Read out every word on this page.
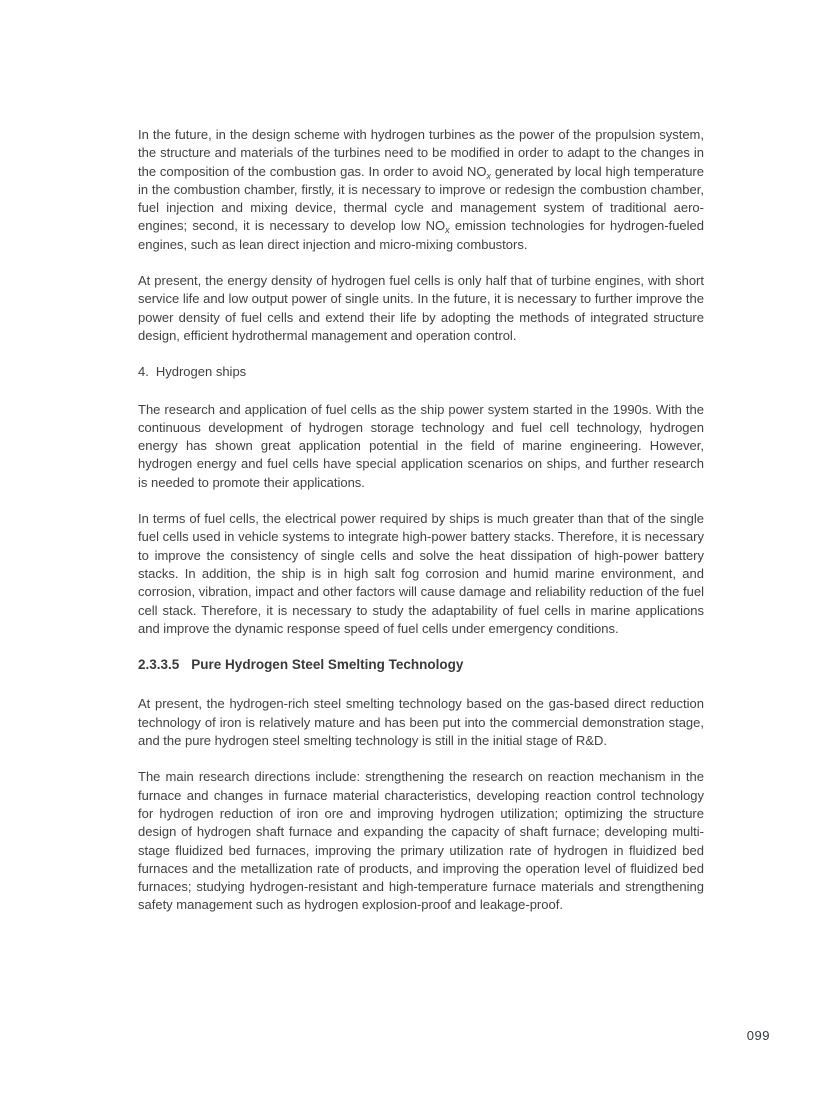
In the future, in the design scheme with hydrogen turbines as the power of the propulsion system, the structure and materials of the turbines need to be modified in order to adapt to the changes in the composition of the combustion gas. In order to avoid $NO_x$ generated by local high temperature in the combustion chamber, firstly, it is necessary to improve or redesign the combustion chamber, fuel injection and mixing device, thermal cycle and management system of traditional aero-engines; second, it is necessary to develop low $NO_x$ emission technologies for hydrogen-fueled engines, such as lean direct injection and micro-mixing combustors.

At present, the energy density of hydrogen fuel cells is only half that of turbine engines, with short service life and low output power of single units. In the future, it is necessary to further improve the power density of fuel cells and extend their life by adopting the methods of integrated structure design, efficient hydrothermal management and operation control.

4. Hydrogen ships

The research and application of fuel cells as the ship power system started in the 1990s. With the continuous development of hydrogen storage technology and fuel cell technology, hydrogen energy has shown great application potential in the field of marine engineering. However, hydrogen energy and fuel cells have special application scenarios on ships, and further research is needed to promote their applications.

In terms of fuel cells, the electrical power required by ships is much greater than that of the single fuel cells used in vehicle systems to integrate high-power battery stacks. Therefore, it is necessary to improve the consistency of single cells and solve the heat dissipation of high-power battery stacks. In addition, the ship is in high salt fog corrosion and humid marine environment, and corrosion, vibration, impact and other factors will cause damage and reliability reduction of the fuel cell stack. Therefore, it is necessary to study the adaptability of fuel cells in marine applications and improve the dynamic response speed of fuel cells under emergency conditions.

2.3.3.5 Pure Hydrogen Steel Smelting Technology

At present, the hydrogen-rich steel smelting technology based on the gas-based direct reduction technology of iron is relatively mature and has been put into the commercial demonstration stage, and the pure hydrogen steel smelting technology is still in the initial stage of R&D.

The main research directions include: strengthening the research on reaction mechanism in the furnace and changes in furnace material characteristics, developing reaction control technology for hydrogen reduction of iron ore and improving hydrogen utilization; optimizing the structure design of hydrogen shaft furnace and expanding the capacity of shaft furnace; developing multi-stage fluidized bed furnaces, improving the primary utilization rate of hydrogen in fluidized bed furnaces and the metallization rate of products, and improving the operation level of fluidized bed furnaces; studying hydrogen-resistant and high-temperature furnace materials and strengthening safety management such as hydrogen explosion-proof and leakage-proof.

099
